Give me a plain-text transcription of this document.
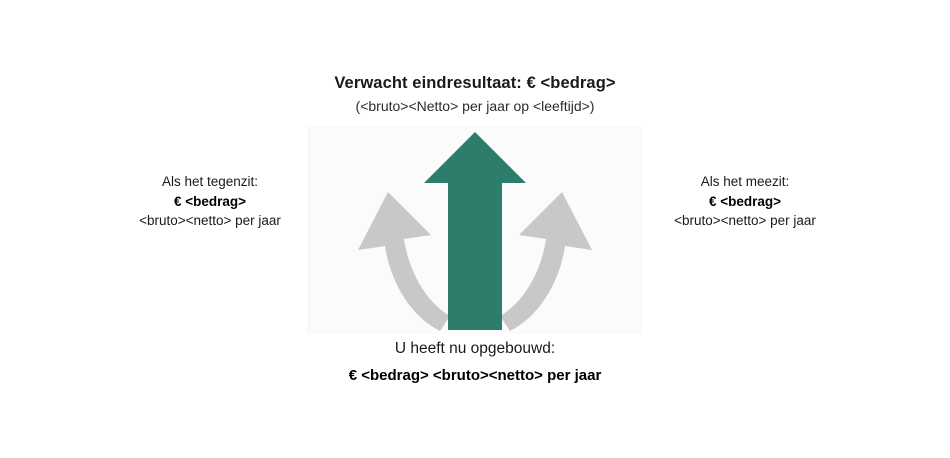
Verwacht eindresultaat: € <bedrag>
(<bruto><Netto> per jaar op <leeftijd>)
Als het tegenzit:
€ <bedrag>
<bruto><netto> per jaar
Als het meezit:
€ <bedrag>
<bruto><netto> per jaar
U heeft nu opgebouwd:
€ <bedrag> <bruto><netto> per jaar
